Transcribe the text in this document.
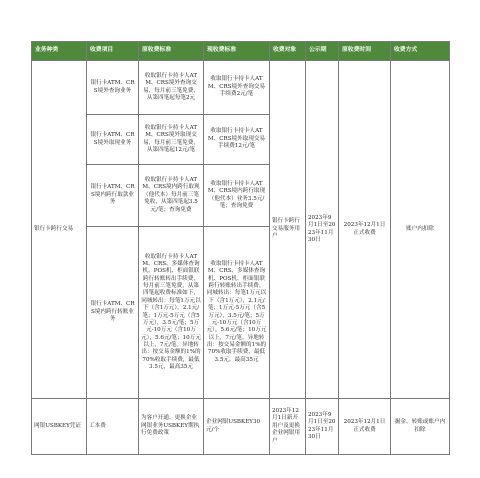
业务种类	收费项目	原收费标准	现收费标准	收费对象	公示期	原收费时间	收费方式
银行卡跨行交易	银行卡ATM、CRS境外查询业务	收取银行卡持卡人ATM、CRS境外查询交易，每月前三笔免费，从第四笔起每笔2元	收取银行卡持卡人ATM、CRS境外查询交易手续费2元/笔	银行卡跨行交易服务用户	2023年9月1日至2023年11月30日	2023年12月1日正式收费	账户内扣除
	银行卡ATM、CRS境外取现业务	收取银行卡持卡人ATM、CRS境外取现交易，每月前三笔免费，从第四笔起12元/笔	收取银行卡持卡人ATM、CRS境外取现交易手续费12元/笔				
	银行卡ATM、CRS境内跨行取款业务	收取银行卡持卡人ATM、CRS境内跨行取现（他代本）每月前三笔免收，从第四笔起3.5元/笔；查询免费	收取银行卡持卡人ATM、CRS境内跨行取现（他代本）业务3.5元/笔；查询免费				
	银行卡ATM、CRS境内跨行转账业务	收取银行卡持卡人ATM、CRS、多媒体查询机、POS机、柜面银联跨行转账转出手续费，每月前三笔免费，从第四笔起收费标准如下，同城转出：每笔1万元以下（含1万元），2.1元/笔；1万元-5万元（含5万元），3.5元/笔；5万元-10万元（含10万元），5.6元/笔；10万元以上，7元/笔。异地转出：按交易金额的1%的70%收取手续费，最低3.5元，最高35元	收取银行卡持卡人ATM、CRS、多媒体查询机、POS机、柜面银联跨行转账转出手续费。同城转出：每笔1万元以下（含1万元），2.1元/笔；1万元-5万元（含5万元），3.5元/笔；5万元-10万元（含10万元），5.6元/笔；10万元以上，7元/笔。异地转出：按交易金额的1%的70%收取手续费，最低3.5元，最高35元				
网银USBKEY凭证	工本费	为客户开通、更换企业网银业务USBKEY期执行免费政策	企业网银USBKEY30元/个	2023年12月1日新开用户及更换企业网银用户	2023年9月1日至2023年11月30日	2023年12月1日正式收费	掘金、转账或账户内扣除
